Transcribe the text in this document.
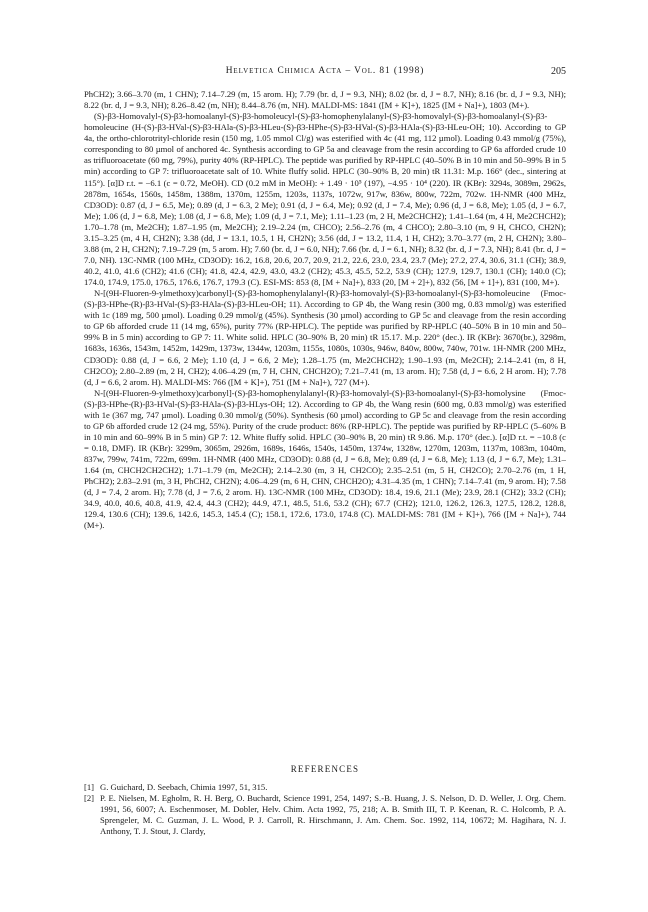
Helvetica Chimica Acta – Vol. 81 (1998)	205

PhCH2); 3.66–3.70 (m, 1 CHN); 7.14–7.29 (m, 15 arom. H); 7.79 (br. d, J = 9.3, NH); 8.02 (br. d, J = 8.7, NH); 8.16 (br. d, J = 9.3, NH); 8.22 (br. d, J = 9.3, NH); 8.26–8.42 (m, NH); 8.44–8.76 (m, NH). MALDI-MS: 1841 ([M + K]+), 1825 ([M + Na]+), 1803 (M+).

(S)-β3-Homovalyl-(S)-β3-homoalanyl-(S)-β3-homoleucyl-(S)-β3-homophenylalanyl-(S)-β3-homovalyl-(S)-β3-homoalanyl-(S)-β3-homoleucine (H-(S)-β3-HVal-(S)-β3-HAla-(S)-β3-HLeu-(S)-β3-HPhe-(S)-β3-HVal-(S)-β3-HAla-(S)-β3-HLeu-OH; 10). According to GP 4a, the ortho-chlorotrityl-chloride resin (150 mg, 1.05 mmol Cl/g) was esterified with 4c (41 mg, 112 µmol). Loading 0.43 mmol/g (75%), corresponding to 80 µmol of anchored 4c. Synthesis according to GP 5a and cleavage from the resin according to GP 6a afforded crude 10 as trifluoroacetate (60 mg, 79%), purity 40% (RP-HPLC). The peptide was purified by RP-HPLC (40–50% B in 10 min and 50–99% B in 5 min) according to GP 7: trifluoroacetate salt of 10. White fluffy solid. HPLC (30–90% B, 20 min) tR 11.31: M.p. 166° (dec., sintering at 115°). [α]D r.t. = −6.1 (c = 0.72, MeOH). CD (0.2 mM in MeOH): + 1.49 · 10⁵ (197), −4.95 · 10⁴ (220). IR (KBr): 3294s, 3089m, 2962s, 2878m, 1654s, 1560s, 1458m, 1388m, 1370m, 1255m, 1203s, 1137s, 1072w, 917w, 836w, 800w, 722m, 702w. 1H-NMR (400 MHz, CD3OD): 0.87 (d, J = 6.5, Me); 0.89 (d, J = 6.3, 2 Me); 0.91 (d, J = 6.4, Me); 0.92 (d, J = 7.4, Me); 0.96 (d, J = 6.8, Me); 1.05 (d, J = 6.7, Me); 1.06 (d, J = 6.8, Me); 1.08 (d, J = 6.8, Me); 1.09 (d, J = 7.1, Me); 1.11–1.23 (m, 2 H, Me2CHCH2); 1.41–1.64 (m, 4 H, Me2CHCH2); 1.70–1.78 (m, Me2CH); 1.87–1.95 (m, Me2CH); 2.19–2.24 (m, CHCO); 2.56–2.76 (m, 4 CHCO); 2.80–3.10 (m, 9 H, CHCO, CH2N); 3.15–3.25 (m, 4 H, CH2N); 3.38 (dd, J = 13.1, 10.5, 1 H, CH2N); 3.56 (dd, J = 13.2, 11.4, 1 H, CH2); 3.70–3.77 (m, 2 H, CH2N); 3.80–3.88 (m, 2 H, CH2N); 7.19–7.29 (m, 5 arom. H); 7.60 (br. d, J = 6.0, NH); 7.66 (br. d, J = 6.1, NH); 8.32 (br. d, J = 7.3, NH); 8.41 (br. d, J = 7.0, NH). 13C-NMR (100 MHz, CD3OD): 16.2, 16.8, 20.6, 20.7, 20.9, 21.2, 22.6, 23.0, 23.4, 23.7 (Me); 27.2, 27.4, 30.6, 31.1 (CH); 38.9, 40.2, 41.0, 41.6 (CH2); 41.6 (CH); 41.8, 42.4, 42.9, 43.0, 43.2 (CH2); 45.3, 45.5, 52.2, 53.9 (CH); 127.9, 129.7, 130.1 (CH); 140.0 (C); 174.0, 174.9, 175.0, 176.5, 176.6, 176.7, 179.3 (C). ESI-MS: 853 (8, [M + Na]+), 833 (20, [M + 2]+), 832 (56, [M + 1]+), 831 (100, M+).

N-[(9H-Fluoren-9-ylmethoxy)carbonyl]-(S)-β3-homophenylalanyl-(R)-β3-homovalyl-(S)-β3-homoalanyl-(S)-β3-homoleucine (Fmoc-(S)-β3-HPhe-(R)-β3-HVal-(S)-β3-HAla-(S)-β3-HLeu-OH; 11). According to GP 4b, the Wang resin (300 mg, 0.83 mmol/g) was esterified with 1c (189 mg, 500 µmol). Loading 0.29 mmol/g (45%). Synthesis (30 µmol) according to GP 5c and cleavage from the resin according to GP 6b afforded crude 11 (14 mg, 65%), purity 77% (RP-HPLC). The peptide was purified by RP-HPLC (40–50% B in 10 min and 50–99% B in 5 min) according to GP 7: 11. White solid. HPLC (30–90% B, 20 min) tR 15.17. M.p. 220° (dec.). IR (KBr): 3670(br.), 3298m, 1683s, 1636s, 1543m, 1452m, 1429m, 1373w, 1344w, 1203m, 1155s, 1080s, 1030s, 946w, 840w, 800w, 740w, 701w. 1H-NMR (200 MHz, CD3OD): 0.88 (d, J = 6.6, 2 Me); 1.10 (d, J = 6.6, 2 Me); 1.28–1.75 (m, Me2CHCH2); 1.90–1.93 (m, Me2CH); 2.14–2.41 (m, 8 H, CH2CO); 2.80–2.89 (m, 2 H, CH2); 4.06–4.29 (m, 7 H, CHN, CHCH2O); 7.21–7.41 (m, 13 arom. H); 7.58 (d, J = 6.6, 2 H arom. H); 7.78 (d, J = 6.6, 2 arom. H). MALDI-MS: 766 ([M + K]+), 751 ([M + Na]+), 727 (M+).

N-[(9H-Fluoren-9-ylmethoxy)carbonyl]-(S)-β3-homophenylalanyl-(R)-β3-homovalyl-(S)-β3-homoalanyl-(S)-β3-homolysine (Fmoc-(S)-β3-HPhe-(R)-β3-HVal-(S)-β3-HAla-(S)-β3-HLys-OH; 12). According to GP 4b, the Wang resin (600 mg, 0.83 mmol/g) was esterified with 1e (367 mg, 747 µmol). Loading 0.30 mmol/g (50%). Synthesis (60 µmol) according to GP 5c and cleavage from the resin according to GP 6b afforded crude 12 (24 mg, 55%). Purity of the crude product: 86% (RP-HPLC). The peptide was purified by RP-HPLC (5–60% B in 10 min and 60–99% B in 5 min) GP 7: 12. White fluffy solid. HPLC (30–90% B, 20 min) tR 9.86. M.p. 170° (dec.). [α]D r.t. = −10.8 (c = 0.18, DMF). IR (KBr): 3299m, 3065m, 2926m, 1689s, 1646s, 1540s, 1450m, 1374w, 1328w, 1270m, 1203m, 1137m, 1083m, 1040m, 837w, 799w, 741m, 722m, 699m. 1H-NMR (400 MHz, CD3OD): 0.88 (d, J = 6.8, Me); 0.89 (d, J = 6.8, Me); 1.13 (d, J = 6.7, Me); 1.31–1.64 (m, CHCH2CH2CH2); 1.71–1.79 (m, Me2CH); 2.14–2.30 (m, 3 H, CH2CO); 2.35–2.51 (m, 5 H, CH2CO); 2.70–2.76 (m, 1 H, PhCH2); 2.83–2.91 (m, 3 H, PhCH2, CH2N); 4.06–4.29 (m, 6 H, CHN, CHCH2O); 4.31–4.35 (m, 1 CHN); 7.14–7.41 (m, 9 arom. H); 7.58 (d, J = 7.4, 2 arom. H); 7.78 (d, J = 7.6, 2 arom. H). 13C-NMR (100 MHz, CD3OD): 18.4, 19.6, 21.1 (Me); 23.9, 28.1 (CH2); 33.2 (CH); 34.9, 40.0, 40.6, 40.8, 41.9, 42.4, 44.3 (CH2); 44.9, 47.1, 48.5, 51.6, 53.2 (CH); 67.7 (CH2); 121.0, 126.2, 126.3, 127.5, 128.2, 128.8, 129.4, 130.6 (CH); 139.6, 142.6, 145.3, 145.4 (C); 158.1, 172.6, 173.0, 174.8 (C). MALDI-MS: 781 ([M + K]+), 766 ([M + Na]+), 744 (M+).

REFERENCES
[1] G. Guichard, D. Seebach, Chimia 1997, 51, 315.
[2] P. E. Nielsen, M. Egholm, R. H. Berg, O. Buchardt, Science 1991, 254, 1497; S.-B. Huang, J. S. Nelson, D. D. Weller, J. Org. Chem. 1991, 56, 6007; A. Eschenmoser, M. Dobler, Helv. Chim. Acta 1992, 75, 218; A. B. Smith III, T. P. Keenan, R. C. Holcomb, P. A. Sprengeler, M. C. Guzman, J. L. Wood, P. J. Carroll, R. Hirschmann, J. Am. Chem. Soc. 1992, 114, 10672; M. Hagihara, N. J. Anthony, T. J. Stout, J. Clardy,
